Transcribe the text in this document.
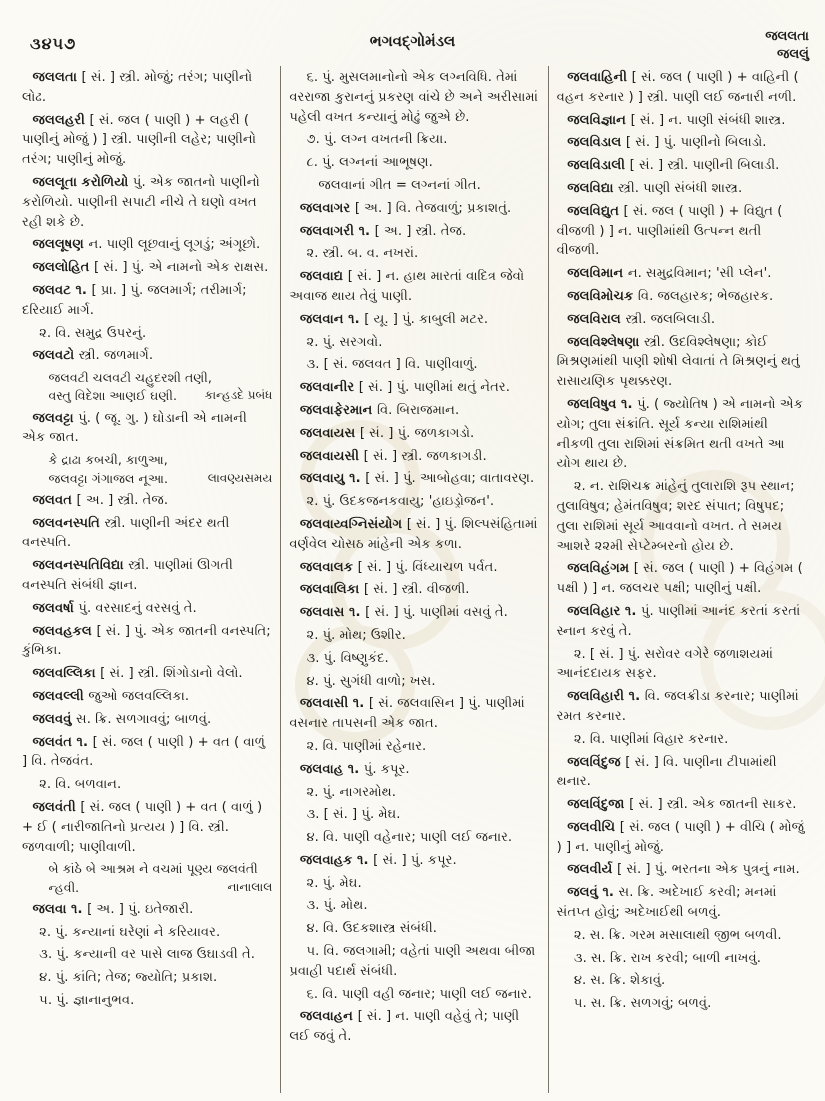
૩૪૫૭	ભગવદ્ગોમંડલ	જલલતા
જલલું

જલલતા [ સં. ] સ્ત્રી. મોજું; તરંગ; પાણીનો લોઢ.

જલલહરી [ સં. જલ ( પાણી ) + લહરી ( પાણીનું મોજું ) ] સ્ત્રી. પાણીની લહેર; પાણીનો તરંગ; પાણીનું મોજું.

જલલૂતા કરોળિયો પું. એક જાતનો પાણીનો કરોળિયો. પાણીની સપાટી નીચે તે ઘણો વખત રહી શકે છે.

જલલૂષણ ન. પાણી લૂછવાનું લૂગડું; અંગૂછો.

જલલોહિત [ સં. ] પું. એ નામનો એક રાક્ષસ.

જલવટ ૧. [ પ્રા. ] પું. જલમાર્ગ; તરીમાર્ગ; દરિયાઈ માર્ગ.

૨. વિ. સમુદ્ર ઉપરનું.

જલવટો સ્ત્રી. જળમાર્ગ.

જલવટી ચલવટી ચહુદરશી તણી,
વસ્તુ વિદેશા આણઈ ઘણી.	કાન્હડદે પ્રબંધ

જલવટ્ટા પું. ( જૂ. ગુ. ) ઘોડાની એ નામની એક જાત.

કે દ્રાઢા કબચી, કાળુઆ,
જલવટ્ટા ગંગાજલ નૂઆ.	લાવણ્યસમય

જલવત [ અ. ] સ્ત્રી. તેજ.

જલવનસ્પતિ સ્ત્રી. પાણીની અંદર થતી વનસ્પતિ.

જલવનસ્પતિવિદ્યા સ્ત્રી. પાણીમાં ઊગતી વનસ્પતિ સંબંધી જ્ઞાન.

જલવર્ષા પું. વરસાદનું વરસવું તે.

જલવહકલ [ સં. ] પું. એક જાતની વનસ્પતિ; કુંભિકા.

જલવલ્લિકા [ સં. ] સ્ત્રી. શિંગોડાનો વેલો.

જલવલ્લી જુઓ જલવલ્લિકા.

જલવવું સ. ક્રિ. સળગાવવું; બાળવું.

જલવંત ૧. [ સં. જલ ( પાણી ) + વત ( વાળું ] વિ. તેજવંત.

૨. વિ. બળવાન.

જલવંતી [ સં. જલ ( પાણી ) + વત ( વાળું ) + ઈ ( નારીજાતિનો પ્રત્યય ) ] વિ. સ્ત્રી. જળવાળી; પાણીવાળી.

બે કાંઠે બે આશ્રમ ને વચમાં પૂણ્ય જલવંતી
ન્હવી.	નાનાલાલ

જલવા ૧. [ અ. ] પું. ઇતેજારી.

૨. પું. કન્યાનાં ઘરેણાં ને કરિયાવર.

૩. પું. કન્યાની વર પાસે લાજ ઉઘાડવી તે.

૪. પું. કાંતિ; તેજ; જ્યોતિ; પ્રકાશ.

૫. પું. જ્ઞાનાનુભવ.

૬. પું. મુસલમાનોનો એક લગ્નવિધિ. તેમાં વરરાજા કુરાનનું પ્રકરણ વાંચે છે અને અરીસામાં પહેલી વખત કન્યાનું મોઢું જુએ છે.

૭. પું. લગ્ન વખતની ક્રિયા.

૮. પું. લગ્નનાં આભૂષણ.

જલવાનાં ગીત = લગ્નનાં ગીત.

જલવાગર [ અ. ] વિ. તેજવાળું; પ્રકાશતું.

જલવાગરી ૧. [ અ. ] સ્ત્રી. તેજ.

૨. સ્ત્રી. બ. વ. નખરાં.

જલવાદ્ય [ સં. ] ન. હાથ મારતાં વાદિત્ર જેવો અવાજ થાય તેવું પાણી.

જલવાન ૧. [ યૂ. ] પું. કાબુલી મટર.

૨. પું. સરગવો.

૩. [ સં. જલવત ] વિ. પાણીવાળું.

જલવાનીર [ સં. ] પું. પાણીમાં થતું નેતર.

જલવાફેરમાન વિ. બિરાજમાન.

જલવાયસ [ સં. ] પું. જળકાગડો.

જલવાયસી [ સં. ] સ્ત્રી. જળકાગડી.

જલવાયુ ૧. [ સં. ] પું. આબોહવા; વાતાવરણ.

૨. પું. ઉદકજનકવાયુ; 'હાઇડ્રોજન'.

જલવાય્વગ્નિસંયોગ [ સં. ] પું. શિલ્પસંહિતામાં વર્ણવેલ ચોસઠ માંહેની એક કળા.

જલવાલક [ સં. ] પું. વિંધ્યાચળ પર્વત.

જલવાલિકા [ સં. ] સ્ત્રી. વીજળી.

જલવાસ ૧. [ સં. ] પું. પાણીમાં વસવું તે.

૨. પું. મોથ; ઉશીર.

૩. પું. વિષ્ણુકંદ.

૪. પું. સુગંધી વાળો; ખસ.

જલવાસી ૧. [ સં. જલવાસિન ] પું. પાણીમાં વસનાર તાપસની એક જાત.

૨. વિ. પાણીમાં રહેનાર.

જલવાહ ૧. પું. કપૂર.

૨. પું. નાગરમોથ.

૩. [ સં. ] પું. મેઘ.

૪. વિ. પાણી વહેનાર; પાણી લઈ જનાર.

જલવાહક ૧. [ સં. ] પું. કપૂર.

૨. પું. મેઘ.

૩. પું. મોથ.

૪. વિ. ઉદકશાસ્ત્ર સંબંધી.

૫. વિ. જલગામી; વહેતાં પાણી અથવા બીજા પ્રવાહી પદાર્થ સંબંધી.

૬. વિ. પાણી વહી જનાર; પાણી લઈ જનાર.

જલવાહન [ સં. ] ન. પાણી વહેવું તે; પાણી લઈ જવું તે.

જલવાહિની [ સં. જલ ( પાણી ) + વાહિની ( વહન કરનાર ) ] સ્ત્રી. પાણી લઈ જનારી નળી.

જલવિજ્ઞાન [ સં. ] ન. પાણી સંબંધી શાસ્ત્ર.

જલવિડાલ [ સં. ] પું. પાણીનો બિલાડો.

જલવિડાલી [ સં. ] સ્ત્રી. પાણીની બિલાડી.

જલવિદ્યા સ્ત્રી. પાણી સંબંધી શાસ્ત્ર.

જલવિદ્યુત [ સં. જલ ( પાણી ) + વિદ્યુત ( વીજળી ) ] ન. પાણીમાંથી ઉત્પન્ન થતી વીજળી.

જલવિમાન ન. સમુદ્રવિમાન; 'સી પ્લેન'.

જલવિમોચક વિ. જલહારક; ભેજહારક.

જલવિરાલ સ્ત્રી. જલબિલાડી.

જલવિશ્લેષણા સ્ત્રી. ઉદવિશ્લેષણા; કોઈ મિશ્રણમાંથી પાણી શોષી લેવાતાં તે મિશ્રણનું થતું રાસાયણિક પૃથક્કરણ.

જલવિષુવ ૧. પું. ( જ્યોતિષ ) એ નામનો એક યોગ; તુલા સંક્રાંતિ. સૂર્ય કન્યા રાશિમાંથી નીકળી તુલા રાશિમાં સંક્રમિત થતી વખતે આ યોગ થાય છે.

૨. ન. રાશિચક્ર માંહેનું તુલારાશિ રૂપ સ્થાન; તુલાવિષુવ; હેમંતવિષુવ; શરદ સંપાત; વિષુપદ; તુલા રાશિમાં સૂર્ય આવવાનો વખત. તે સમય આશરે ૨૨મી સેપ્ટેમ્બરનો હોય છે.

જલવિહંગમ [ સં. જલ ( પાણી ) + વિહંગમ ( પક્ષી ) ] ન. જલચર પક્ષી; પાણીનું પક્ષી.

જલવિહાર ૧. પું. પાણીમાં આનંદ કરતાં કરતાં સ્નાન કરવું તે.

૨. [ સં. ] પું. સરોવર વગેરે જળાશયમાં આનંદદાયક સફર.

જલવિહારી ૧. વિ. જલક્રીડા કરનાર; પાણીમાં રમત કરનાર.

૨. વિ. પાણીમાં વિહાર કરનાર.

જલવિંદુજ [ સં. ] વિ. પાણીના ટીપામાંથી થનાર.

જલવિંદુજા [ સં. ] સ્ત્રી. એક જાતની સાકર.

જલવીચિ [ સં. જલ ( પાણી ) + વીચિ ( મોજું ) ] ન. પાણીનું મોજું.

જલવીર્ય [ સં. ] પું. ભરતના એક પુત્રનું નામ.

જલવું ૧. સ. ક્રિ. અદેખાઈ કરવી; મનમાં સંતપ્ત હોવું; અદેખાઈથી બળવું.

૨. સ. ક્રિ. ગરમ મસાલાથી જીભ બળવી.

૩. સ. ક્રિ. રાખ કરવી; બાળી નાખવું.

૪. સ. ક્રિ. શેકાવું.

૫. સ. ક્રિ. સળગવું; બળવું.
